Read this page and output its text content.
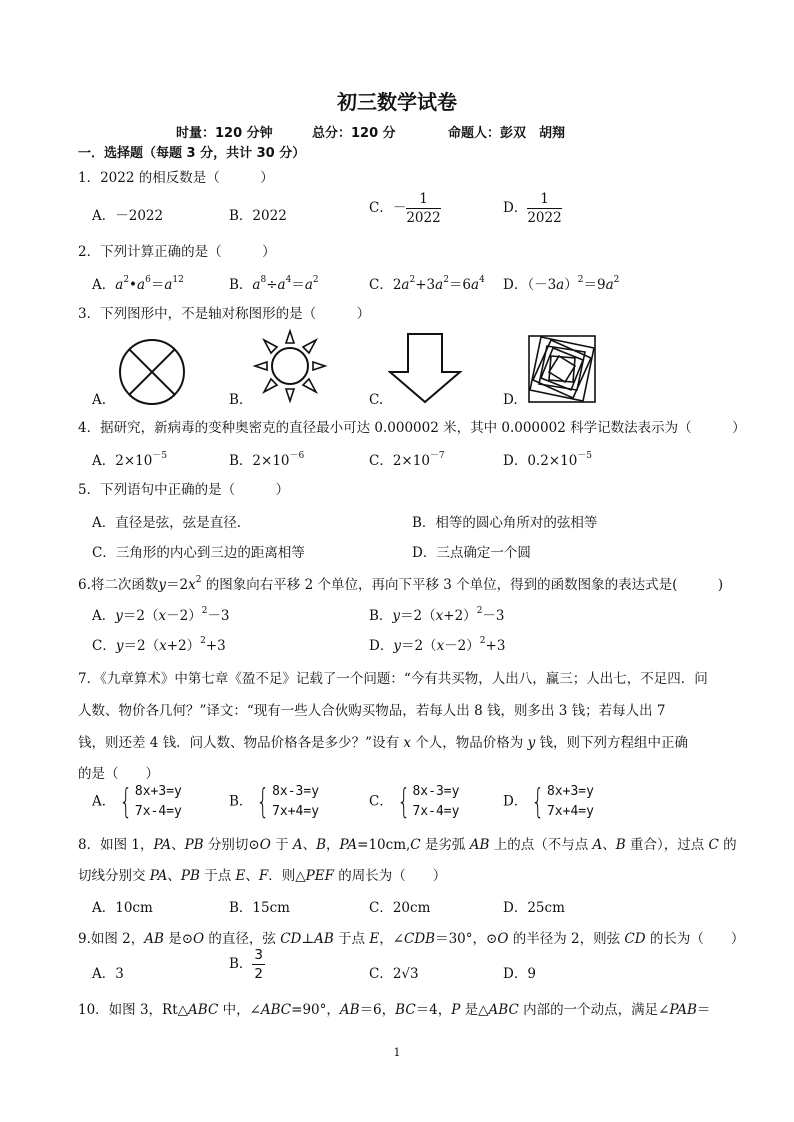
初三数学试卷
时量：120 分钟	总分：120 分	命题人：彭双　胡翔
一．选择题（每题 3 分，共计 30 分）
1．2022 的相反数是（　　　）
A．－2022	B．2022	C．－ $\frac{1}{2022}$	D． $\frac{1}{2022}$
2．下列计算正确的是（　　　）
A．$a^2•a^6=a^{12}$	B．$a^8\div a^4=a^2$	C．$2a^2+3a^2=6a^4$ D．$(-3a)^2=9a^2$
3．下列图形中，不是轴对称图形的是（　　　）
A.	B.	C.	D.
4．据研究，新病毒的变种奥密克的直径最小可达 0.000002 米，其中 0.000002 科学记数法表示为（　　　）
A．$2\times 10^{-5}$	B．$2\times 10^{-6}$	C．$2\times 10^{-7}$	D．$0.2\times 10^{-5}$
5．下列语句中正确的是（　　　）
A．直径是弦，弦是直径.	B．相等的圆心角所对的弦相等
C．三角形的内心到三边的距离相等	D．三点确定一个圆
6.将二次函数$y=2x^2$ 的图象向右平移 2 个单位，再向下平移 3 个单位，得到的函数图象的表达式是(　　　)
A．$y=2(x-2)^2-3$	B．$y=2(x+2)^2-3$
C．$y=2(x+2)^2+3$	D．$y=2(x-2)^2+3$
7．《九章算术》中第七章《盈不足》记载了一个问题：“今有共买物，人出八，赢三；人出七，不足四．问
人数、物价各几何？”译文：“现有一些人合伙购买物品，若每人出 8 钱，则多出 3 钱；若每人出 7
钱，则还差 4 钱．问人数、物品价格各是多少？”设有 x 个人，物品价格为 y 钱，则下列方程组中正确
的是（　　）
A． { 8x+3=y
7x-4=y
B． { 8x-3=y
7x+4=y
C． { 8x-3=y
7x-4=y
D． { 8x+3=y
7x+4=y
8．如图 1，PA、PB 分别切⊙O 于 A、B，PA=10cm,C 是劣弧 AB 上的点（不与点 A、B 重合），过点 C 的
切线分别交 PA、PB 于点 E、F．则△PEF 的周长为（　　）
A．10cm	B．15cm	C．20cm	D．25cm
9.如图 2，AB 是⊙O 的直径，弦 CD⊥AB 于点 E，∠CDB＝30°，⊙O 的半径为 2，则弦 CD 的长为（　　）
A．3
B． $\frac{3}{2}$	C．2√3	D．9
10．如图 3，Rt△ABC 中，∠ABC=90°，AB＝6，BC＝4，P 是△ABC 内部的一个动点，满足∠PAB＝
1
